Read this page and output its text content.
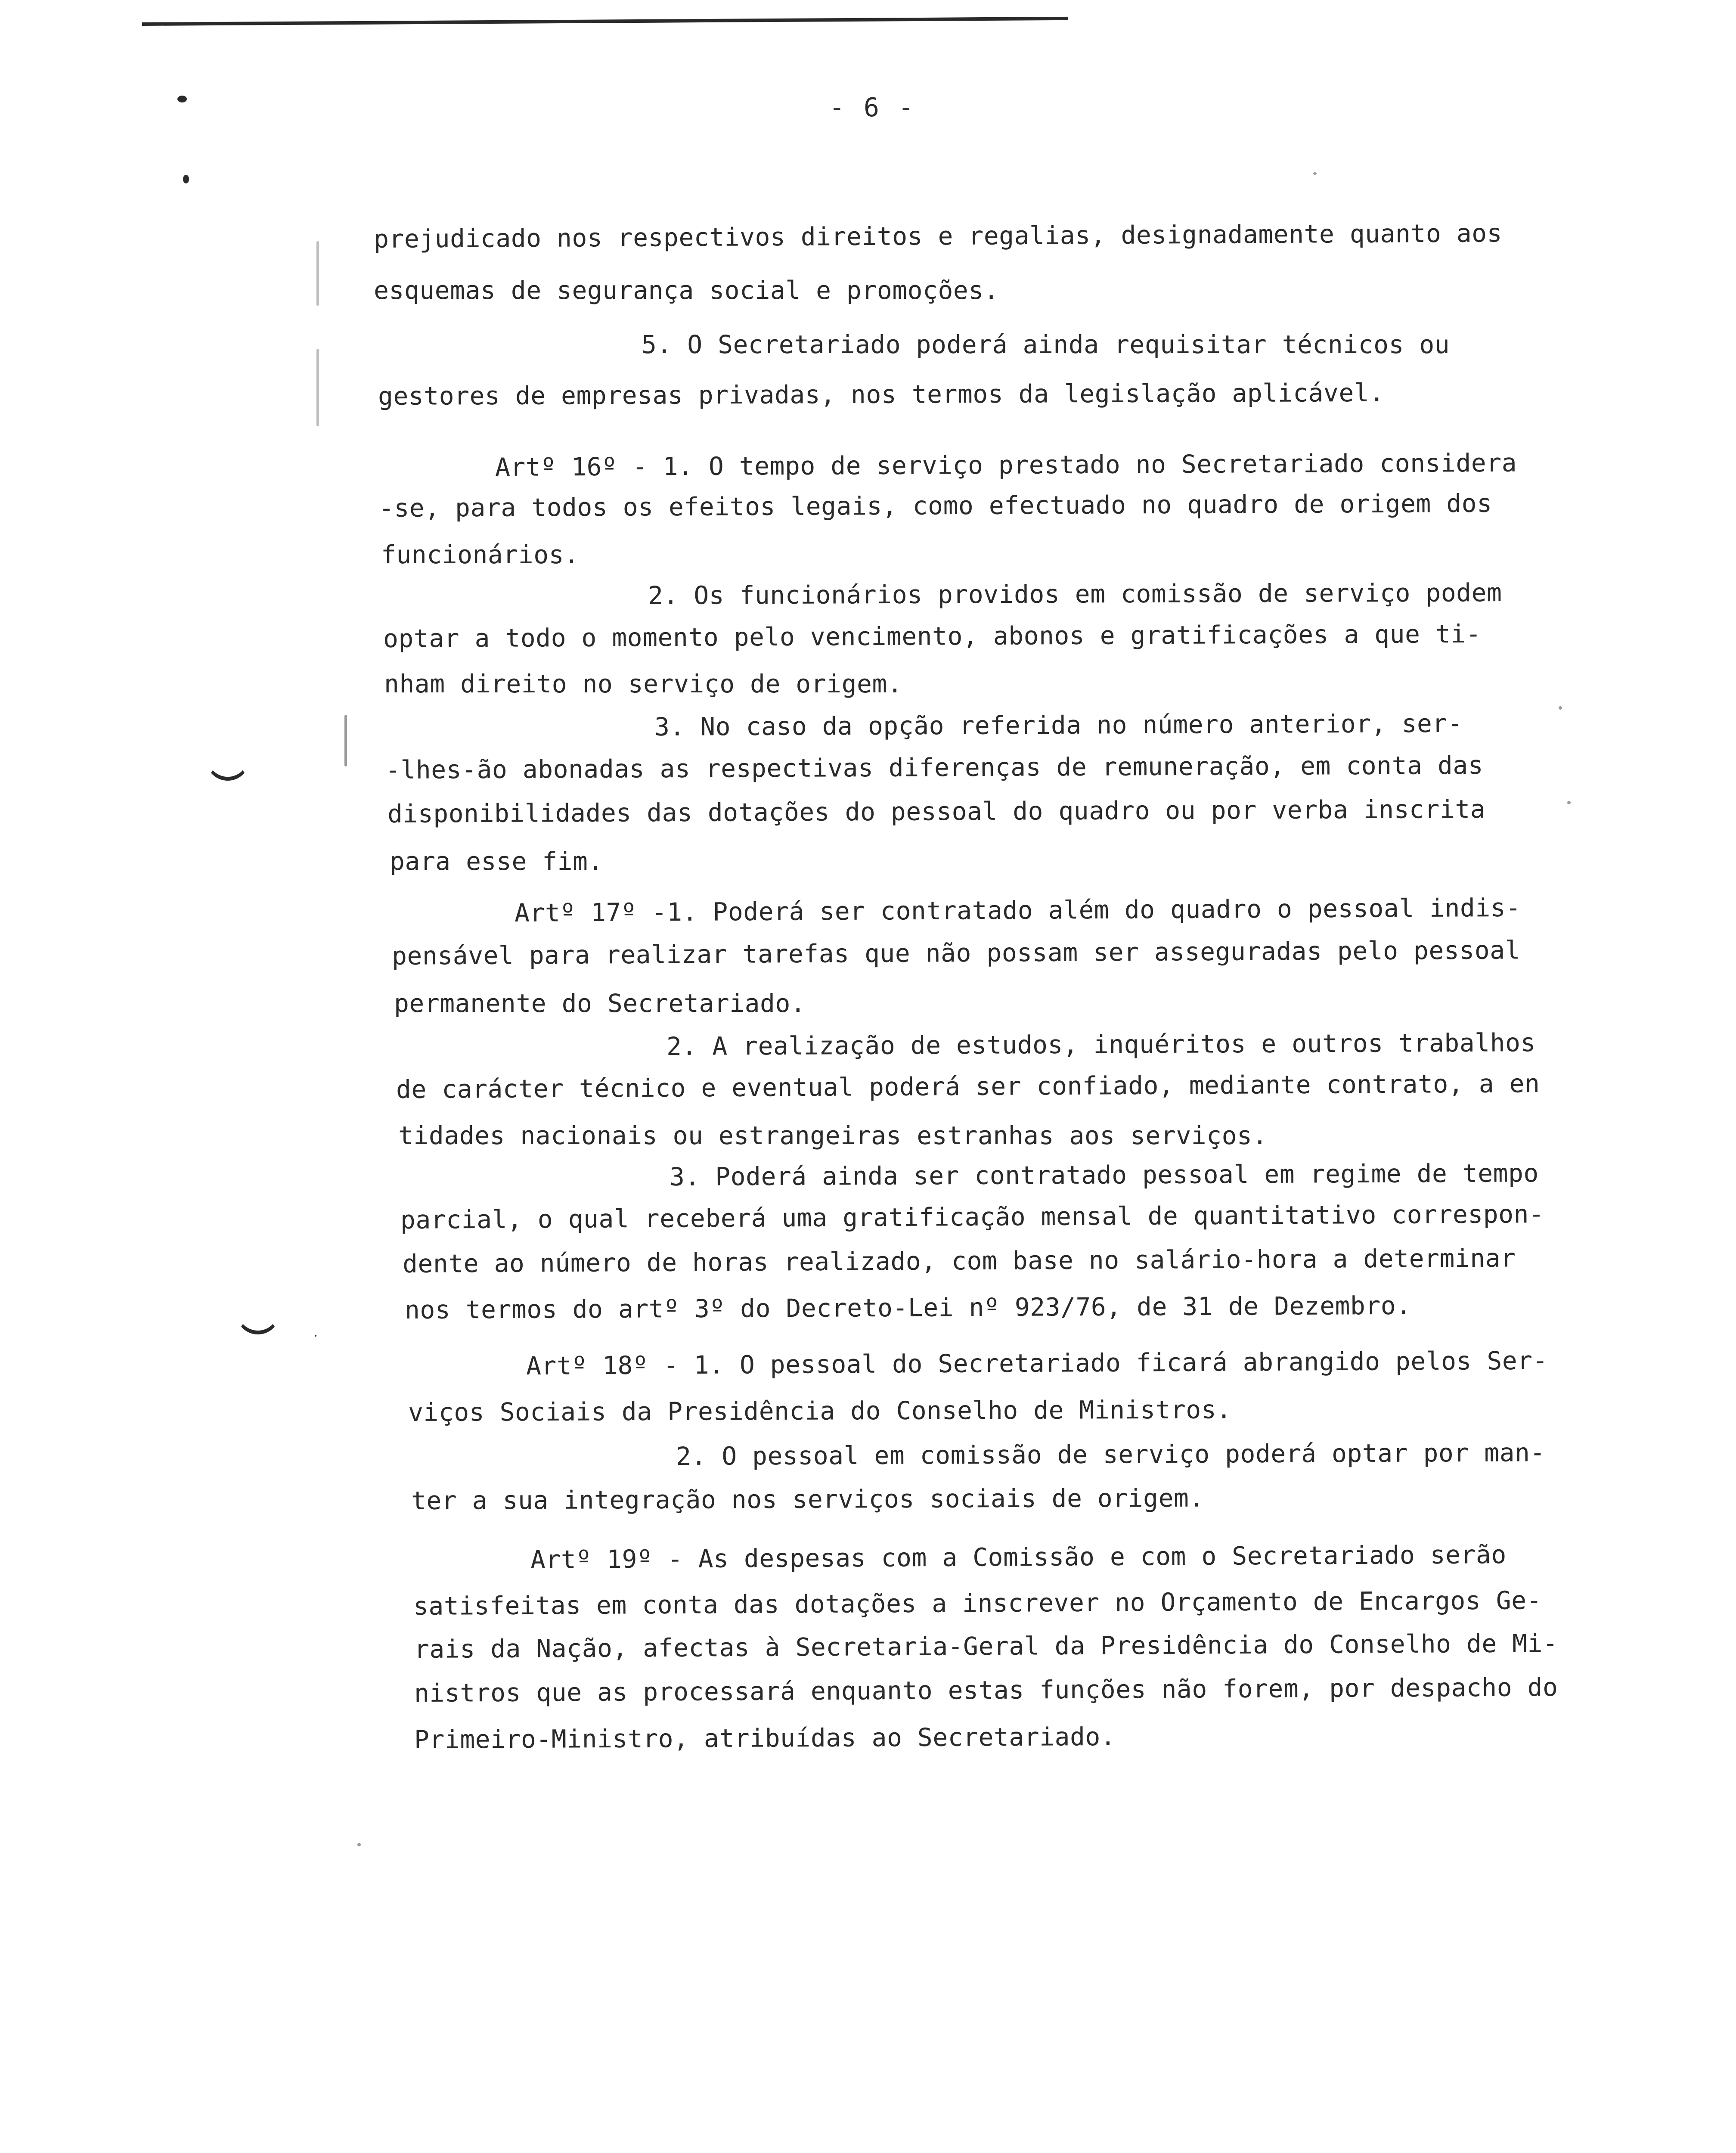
- 6 -
prejudicado nos respectivos direitos e regalias, designadamente quanto aos
esquemas de segurança social e promoções.
5. O Secretariado poderá ainda requisitar técnicos ou
gestores de empresas privadas, nos termos da legislação aplicável.
Artº 16º - 1. O tempo de serviço prestado no Secretariado considera
-se, para todos os efeitos legais, como efectuado no quadro de origem dos
funcionários.
2. Os funcionários providos em comissão de serviço podem
optar a todo o momento pelo vencimento, abonos e gratificações a que ti-
nham direito no serviço de origem.
3. No caso da opção referida no número anterior, ser-
-lhes-ão abonadas as respectivas diferenças de remuneração, em conta das
disponibilidades das dotações do pessoal do quadro ou por verba inscrita
para esse fim.
Artº 17º -1. Poderá ser contratado além do quadro o pessoal indis-
pensável para realizar tarefas que não possam ser asseguradas pelo pessoal
permanente do Secretariado.
2. A realização de estudos, inquéritos e outros trabalhos
de carácter técnico e eventual poderá ser confiado, mediante contrato, a en
tidades nacionais ou estrangeiras estranhas aos serviços.
3. Poderá ainda ser contratado pessoal em regime de tempo
parcial, o qual receberá uma gratificação mensal de quantitativo correspon-
dente ao número de horas realizado, com base no salário-hora a determinar
nos termos do artº 3º do Decreto-Lei nº 923/76, de 31 de Dezembro.
Artº 18º - 1. O pessoal do Secretariado ficará abrangido pelos Ser-
viços Sociais da Presidência do Conselho de Ministros.
2. O pessoal em comissão de serviço poderá optar por man-
ter a sua integração nos serviços sociais de origem.
Artº 19º - As despesas com a Comissão e com o Secretariado serão
satisfeitas em conta das dotações a inscrever no Orçamento de Encargos Ge-
rais da Nação, afectas à Secretaria-Geral da Presidência do Conselho de Mi-
nistros que as processará enquanto estas funções não forem, por despacho do
Primeiro-Ministro, atribuídas ao Secretariado.
